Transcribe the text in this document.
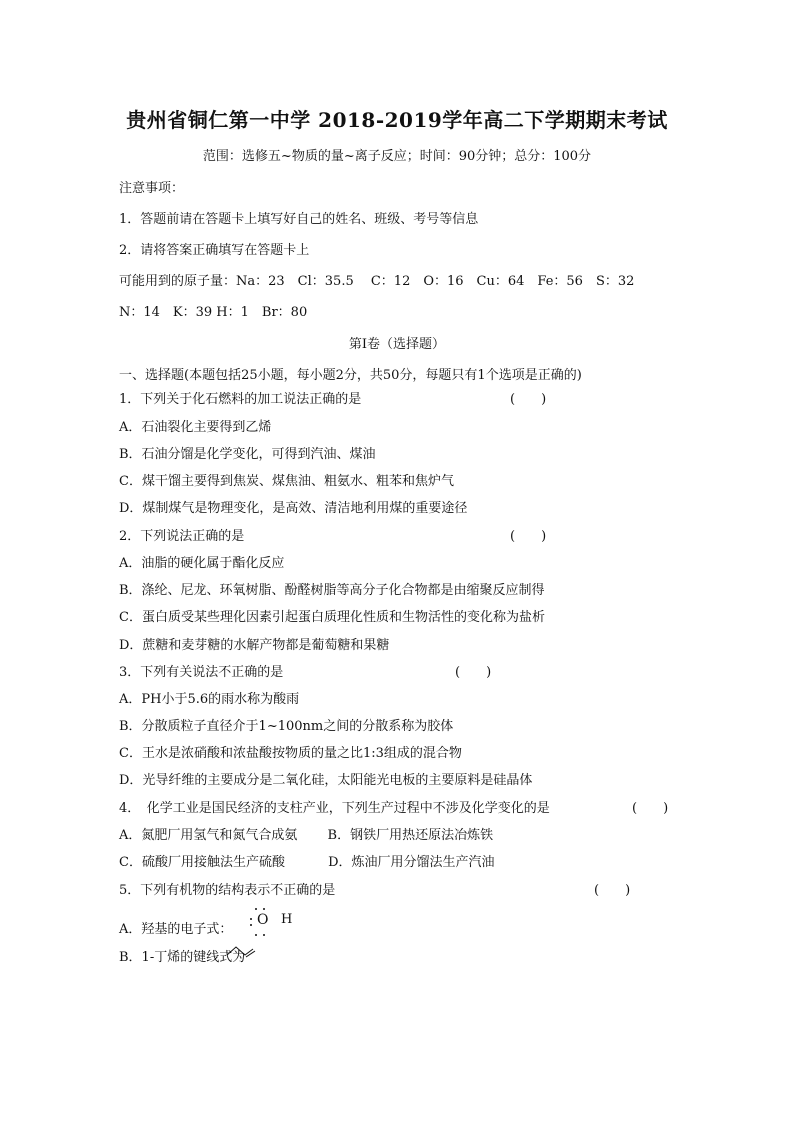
贵州省铜仁第一中学 2018-2019学年高二下学期期末考试
范围：选修五~物质的量~离子反应；时间：90分钟；总分：100分
注意事项：
1．答题前请在答题卡上填写好自己的姓名、班级、考号等信息
2．请将答案正确填写在答题卡上
可能用到的原子量：Na：23　Cl：35.5　 C：12　O：16　Cu：64　Fe：56　S：32
N：14　K：39 H：1　Br：80
第Ⅰ卷（选择题）
一、选择题(本题包括25小题，每小题2分，共50分，每题只有1个选项是正确的)
1．下列关于化石燃料的加工说法正确的是	(　　)
A．石油裂化主要得到乙烯
B．石油分馏是化学变化，可得到汽油、煤油
C．煤干馏主要得到焦炭、煤焦油、粗氨水、粗苯和焦炉气
D．煤制煤气是物理变化，是高效、清洁地利用煤的重要途径
2．下列说法正确的是	(　　)
A．油脂的硬化属于酯化反应
B．涤纶、尼龙、环氧树脂、酚醛树脂等高分子化合物都是由缩聚反应制得
C．蛋白质受某些理化因素引起蛋白质理化性质和生物活性的变化称为盐析
D．蔗糖和麦芽糖的水解产物都是葡萄糖和果糖
3．下列有关说法不正确的是	(　　)
A．PH小于5.6的雨水称为酸雨
B．分散质粒子直径介于1~100nm之间的分散系称为胶体
C．王水是浓硝酸和浓盐酸按物质的量之比1:3组成的混合物
D．光导纤维的主要成分是二氧化硅，太阳能光电板的主要原料是硅晶体
4．　化学工业是国民经济的支柱产业，下列生产过程中不涉及化学变化的是	(　　)
A．氮肥厂用氢气和氮气合成氨　　 B．钢铁厂用热还原法冶炼铁
C．硫酸厂用接触法生产硫酸　　　 D．炼油厂用分馏法生产汽油
5．下列有机物的结构表示不正确的是	(　　)
A．羟基的电子式：
O H
B．1-丁烯的键线式为
